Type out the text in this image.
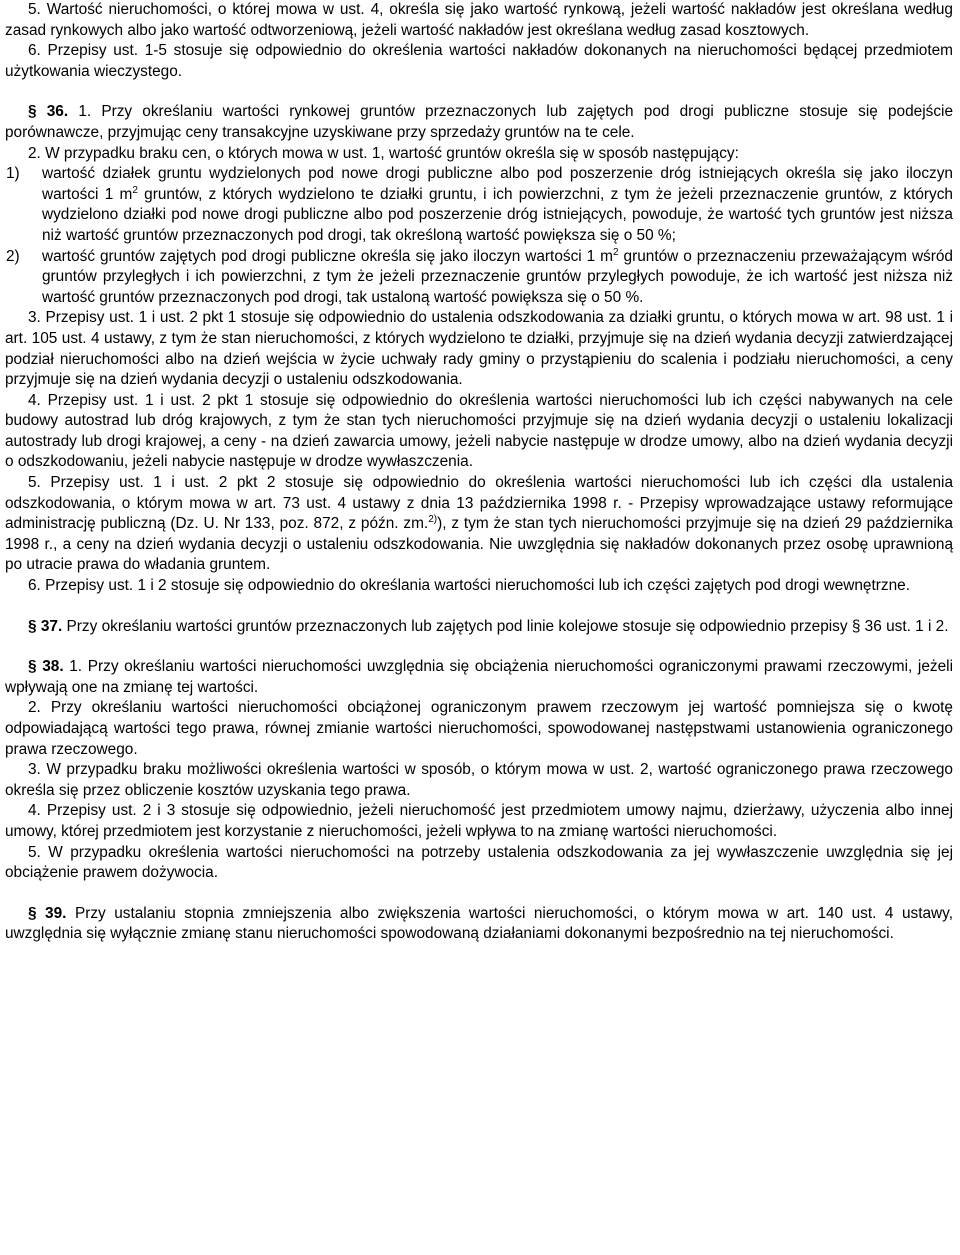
5. Wartość nieruchomości, o której mowa w ust. 4, określa się jako wartość rynkową, jeżeli wartość nakładów jest określana według zasad rynkowych albo jako wartość odtworzeniową, jeżeli wartość nakładów jest określana według zasad kosztowych.

6. Przepisy ust. 1-5 stosuje się odpowiednio do określenia wartości nakładów dokonanych na nieruchomości będącej przedmiotem użytkowania wieczystego.

§ 36. 1. Przy określaniu wartości rynkowej gruntów przeznaczonych lub zajętych pod drogi publiczne stosuje się podejście porównawcze, przyjmując ceny transakcyjne uzyskiwane przy sprzedaży gruntów na te cele.

2. W przypadku braku cen, o których mowa w ust. 1, wartość gruntów określa się w sposób następujący:

1) wartość działek gruntu wydzielonych pod nowe drogi publiczne albo pod poszerzenie dróg istniejących określa się jako iloczyn wartości 1 $m^2$ gruntów, z których wydzielono te działki gruntu, i ich powierzchni, z tym że jeżeli przeznaczenie gruntów, z których wydzielono działki pod nowe drogi publiczne albo pod poszerzenie dróg istniejących, powoduje, że wartość tych gruntów jest niższa niż wartość gruntów przeznaczonych pod drogi, tak określoną wartość powiększa się o 50 %;
2) wartość gruntów zajętych pod drogi publiczne określa się jako iloczyn wartości 1 $m^2$ gruntów o przeznaczeniu przeważającym wśród gruntów przyległych i ich powierzchni, z tym że jeżeli przeznaczenie gruntów przyległych powoduje, że ich wartość jest niższa niż wartość gruntów przeznaczonych pod drogi, tak ustaloną wartość powiększa się o 50 %.

3. Przepisy ust. 1 i ust. 2 pkt 1 stosuje się odpowiednio do ustalenia odszkodowania za działki gruntu, o których mowa w art. 98 ust. 1 i art. 105 ust. 4 ustawy, z tym że stan nieruchomości, z których wydzielono te działki, przyjmuje się na dzień wydania decyzji zatwierdzającej podział nieruchomości albo na dzień wejścia w życie uchwały rady gminy o przystąpieniu do scalenia i podziału nieruchomości, a ceny przyjmuje się na dzień wydania decyzji o ustaleniu odszkodowania.

4. Przepisy ust. 1 i ust. 2 pkt 1 stosuje się odpowiednio do określenia wartości nieruchomości lub ich części nabywanych na cele budowy autostrad lub dróg krajowych, z tym że stan tych nieruchomości przyjmuje się na dzień wydania decyzji o ustaleniu lokalizacji autostrady lub drogi krajowej, a ceny - na dzień zawarcia umowy, jeżeli nabycie następuje w drodze umowy, albo na dzień wydania decyzji o odszkodowaniu, jeżeli nabycie następuje w drodze wywłaszczenia.

5. Przepisy ust. 1 i ust. 2 pkt 2 stosuje się odpowiednio do określenia wartości nieruchomości lub ich części dla ustalenia odszkodowania, o którym mowa w art. 73 ust. 4 ustawy z dnia 13 października 1998 r. - Przepisy wprowadzające ustawy reformujące administrację publiczną (Dz. U. Nr 133, poz. 872, z późn. zm.$^{2)}$), z tym że stan tych nieruchomości przyjmuje się na dzień 29 października 1998 r., a ceny na dzień wydania decyzji o ustaleniu odszkodowania. Nie uwzględnia się nakładów dokonanych przez osobę uprawnioną po utracie prawa do władania gruntem.

6. Przepisy ust. 1 i 2 stosuje się odpowiednio do określania wartości nieruchomości lub ich części zajętych pod drogi wewnętrzne.

§ 37. Przy określaniu wartości gruntów przeznaczonych lub zajętych pod linie kolejowe stosuje się odpowiednio przepisy § 36 ust. 1 i 2.

§ 38. 1. Przy określaniu wartości nieruchomości uwzględnia się obciążenia nieruchomości ograniczonymi prawami rzeczowymi, jeżeli wpływają one na zmianę tej wartości.

2. Przy określaniu wartości nieruchomości obciążonej ograniczonym prawem rzeczowym jej wartość pomniejsza się o kwotę odpowiadającą wartości tego prawa, równej zmianie wartości nieruchomości, spowodowanej następstwami ustanowienia ograniczonego prawa rzeczowego.

3. W przypadku braku możliwości określenia wartości w sposób, o którym mowa w ust. 2, wartość ograniczonego prawa rzeczowego określa się przez obliczenie kosztów uzyskania tego prawa.

4. Przepisy ust. 2 i 3 stosuje się odpowiednio, jeżeli nieruchomość jest przedmiotem umowy najmu, dzierżawy, użyczenia albo innej umowy, której przedmiotem jest korzystanie z nieruchomości, jeżeli wpływa to na zmianę wartości nieruchomości.

5. W przypadku określenia wartości nieruchomości na potrzeby ustalenia odszkodowania za jej wywłaszczenie uwzględnia się jej obciążenie prawem dożywocia.

§ 39. Przy ustalaniu stopnia zmniejszenia albo zwiększenia wartości nieruchomości, o którym mowa w art. 140 ust. 4 ustawy, uwzględnia się wyłącznie zmianę stanu nieruchomości spowodowaną działaniami dokonanymi bezpośrednio na tej nieruchomości.
